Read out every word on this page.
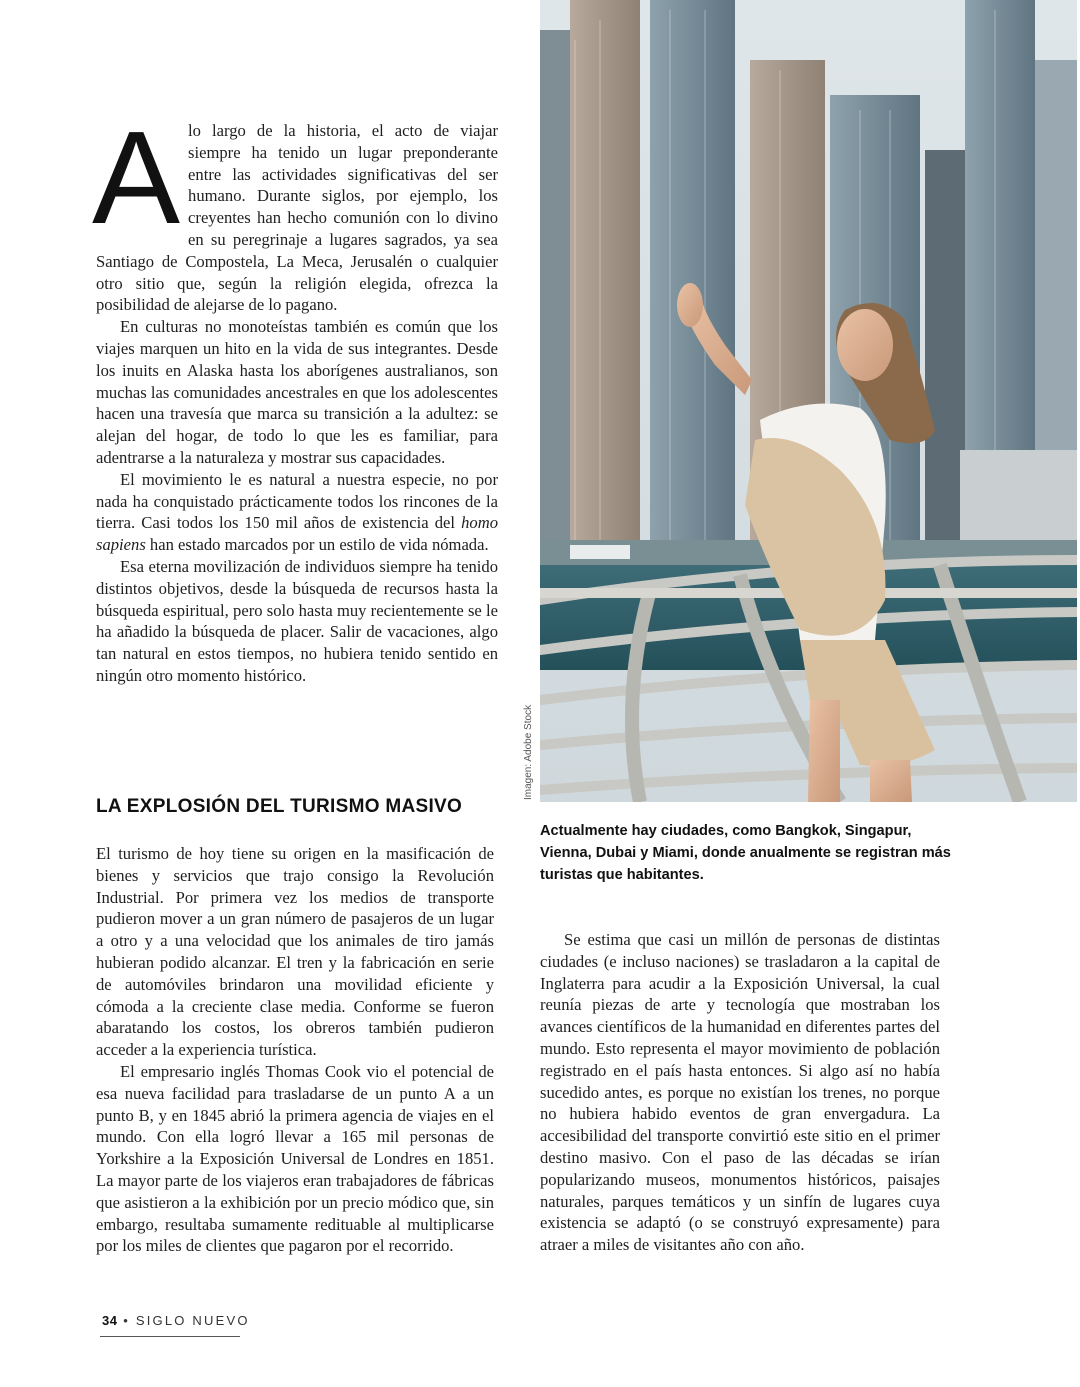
Alo largo de la historia, el acto de viajar siempre ha tenido un lugar preponderante entre las actividades significativas del ser humano. Durante siglos, por ejemplo, los creyentes han hecho comunión con lo divino en su peregrinaje a lugares sagrados, ya sea Santiago de Compostela, La Meca, Jerusalén o cualquier otro sitio que, según la religión elegida, ofrezca la posibilidad de alejarse de lo pagano.

En culturas no monoteístas también es común que los viajes marquen un hito en la vida de sus integrantes. Desde los inuits en Alaska hasta los aborígenes australianos, son muchas las comunidades ancestrales en que los adolescentes hacen una travesía que marca su transición a la adultez: se alejan del hogar, de todo lo que les es familiar, para adentrarse a la naturaleza y mostrar sus capacidades.

El movimiento le es natural a nuestra especie, no por nada ha conquistado prácticamente todos los rincones de la tierra. Casi todos los 150 mil años de existencia del homo sapiens han estado marcados por un estilo de vida nómada.

Esa eterna movilización de individuos siempre ha tenido distintos objetivos, desde la búsqueda de recursos hasta la búsqueda espiritual, pero solo hasta muy recientemente se le ha añadido la búsqueda de placer. Salir de vacaciones, algo tan natural en estos tiempos, no hubiera tenido sentido en ningún otro momento histórico.

LA EXPLOSIÓN DEL TURISMO MASIVO

El turismo de hoy tiene su origen en la masificación de bienes y servicios que trajo consigo la Revolución Industrial. Por primera vez los medios de transporte pudieron mover a un gran número de pasajeros de un lugar a otro y a una velocidad que los animales de tiro jamás hubieran podido alcanzar. El tren y la fabricación en serie de automóviles brindaron una movilidad eficiente y cómoda a la creciente clase media. Conforme se fueron abaratando los costos, los obreros también pudieron acceder a la experiencia turística.

El empresario inglés Thomas Cook vio el potencial de esa nueva facilidad para trasladarse de un punto A a un punto B, y en 1845 abrió la primera agencia de viajes en el mundo. Con ella logró llevar a 165 mil personas de Yorkshire a la Exposición Universal de Londres en 1851. La mayor parte de los viajeros eran trabajadores de fábricas que asistieron a la exhibición por un precio módico que, sin embargo, resultaba sumamente redituable al multiplicarse por los miles de clientes que pagaron por el recorrido.

Imagen: Adobe Stock

Actualmente hay ciudades, como Bangkok, Singapur, Vienna, Dubai y Miami, donde anualmente se registran más turistas que habitantes.

Se estima que casi un millón de personas de distintas ciudades (e incluso naciones) se trasladaron a la capital de Inglaterra para acudir a la Exposición Universal, la cual reunía piezas de arte y tecnología que mostraban los avances científicos de la humanidad en diferentes partes del mundo. Esto representa el mayor movimiento de población registrado en el país hasta entonces. Si algo así no había sucedido antes, es porque no existían los trenes, no porque no hubiera habido eventos de gran envergadura. La accesibilidad del transporte convirtió este sitio en el primer destino masivo. Con el paso de las décadas se irían popularizando museos, monumentos históricos, paisajes naturales, parques temáticos y un sinfín de lugares cuya existencia se adaptó (o se construyó expresamente) para atraer a miles de visitantes año con año.

34 • SIGLO NUEVO
